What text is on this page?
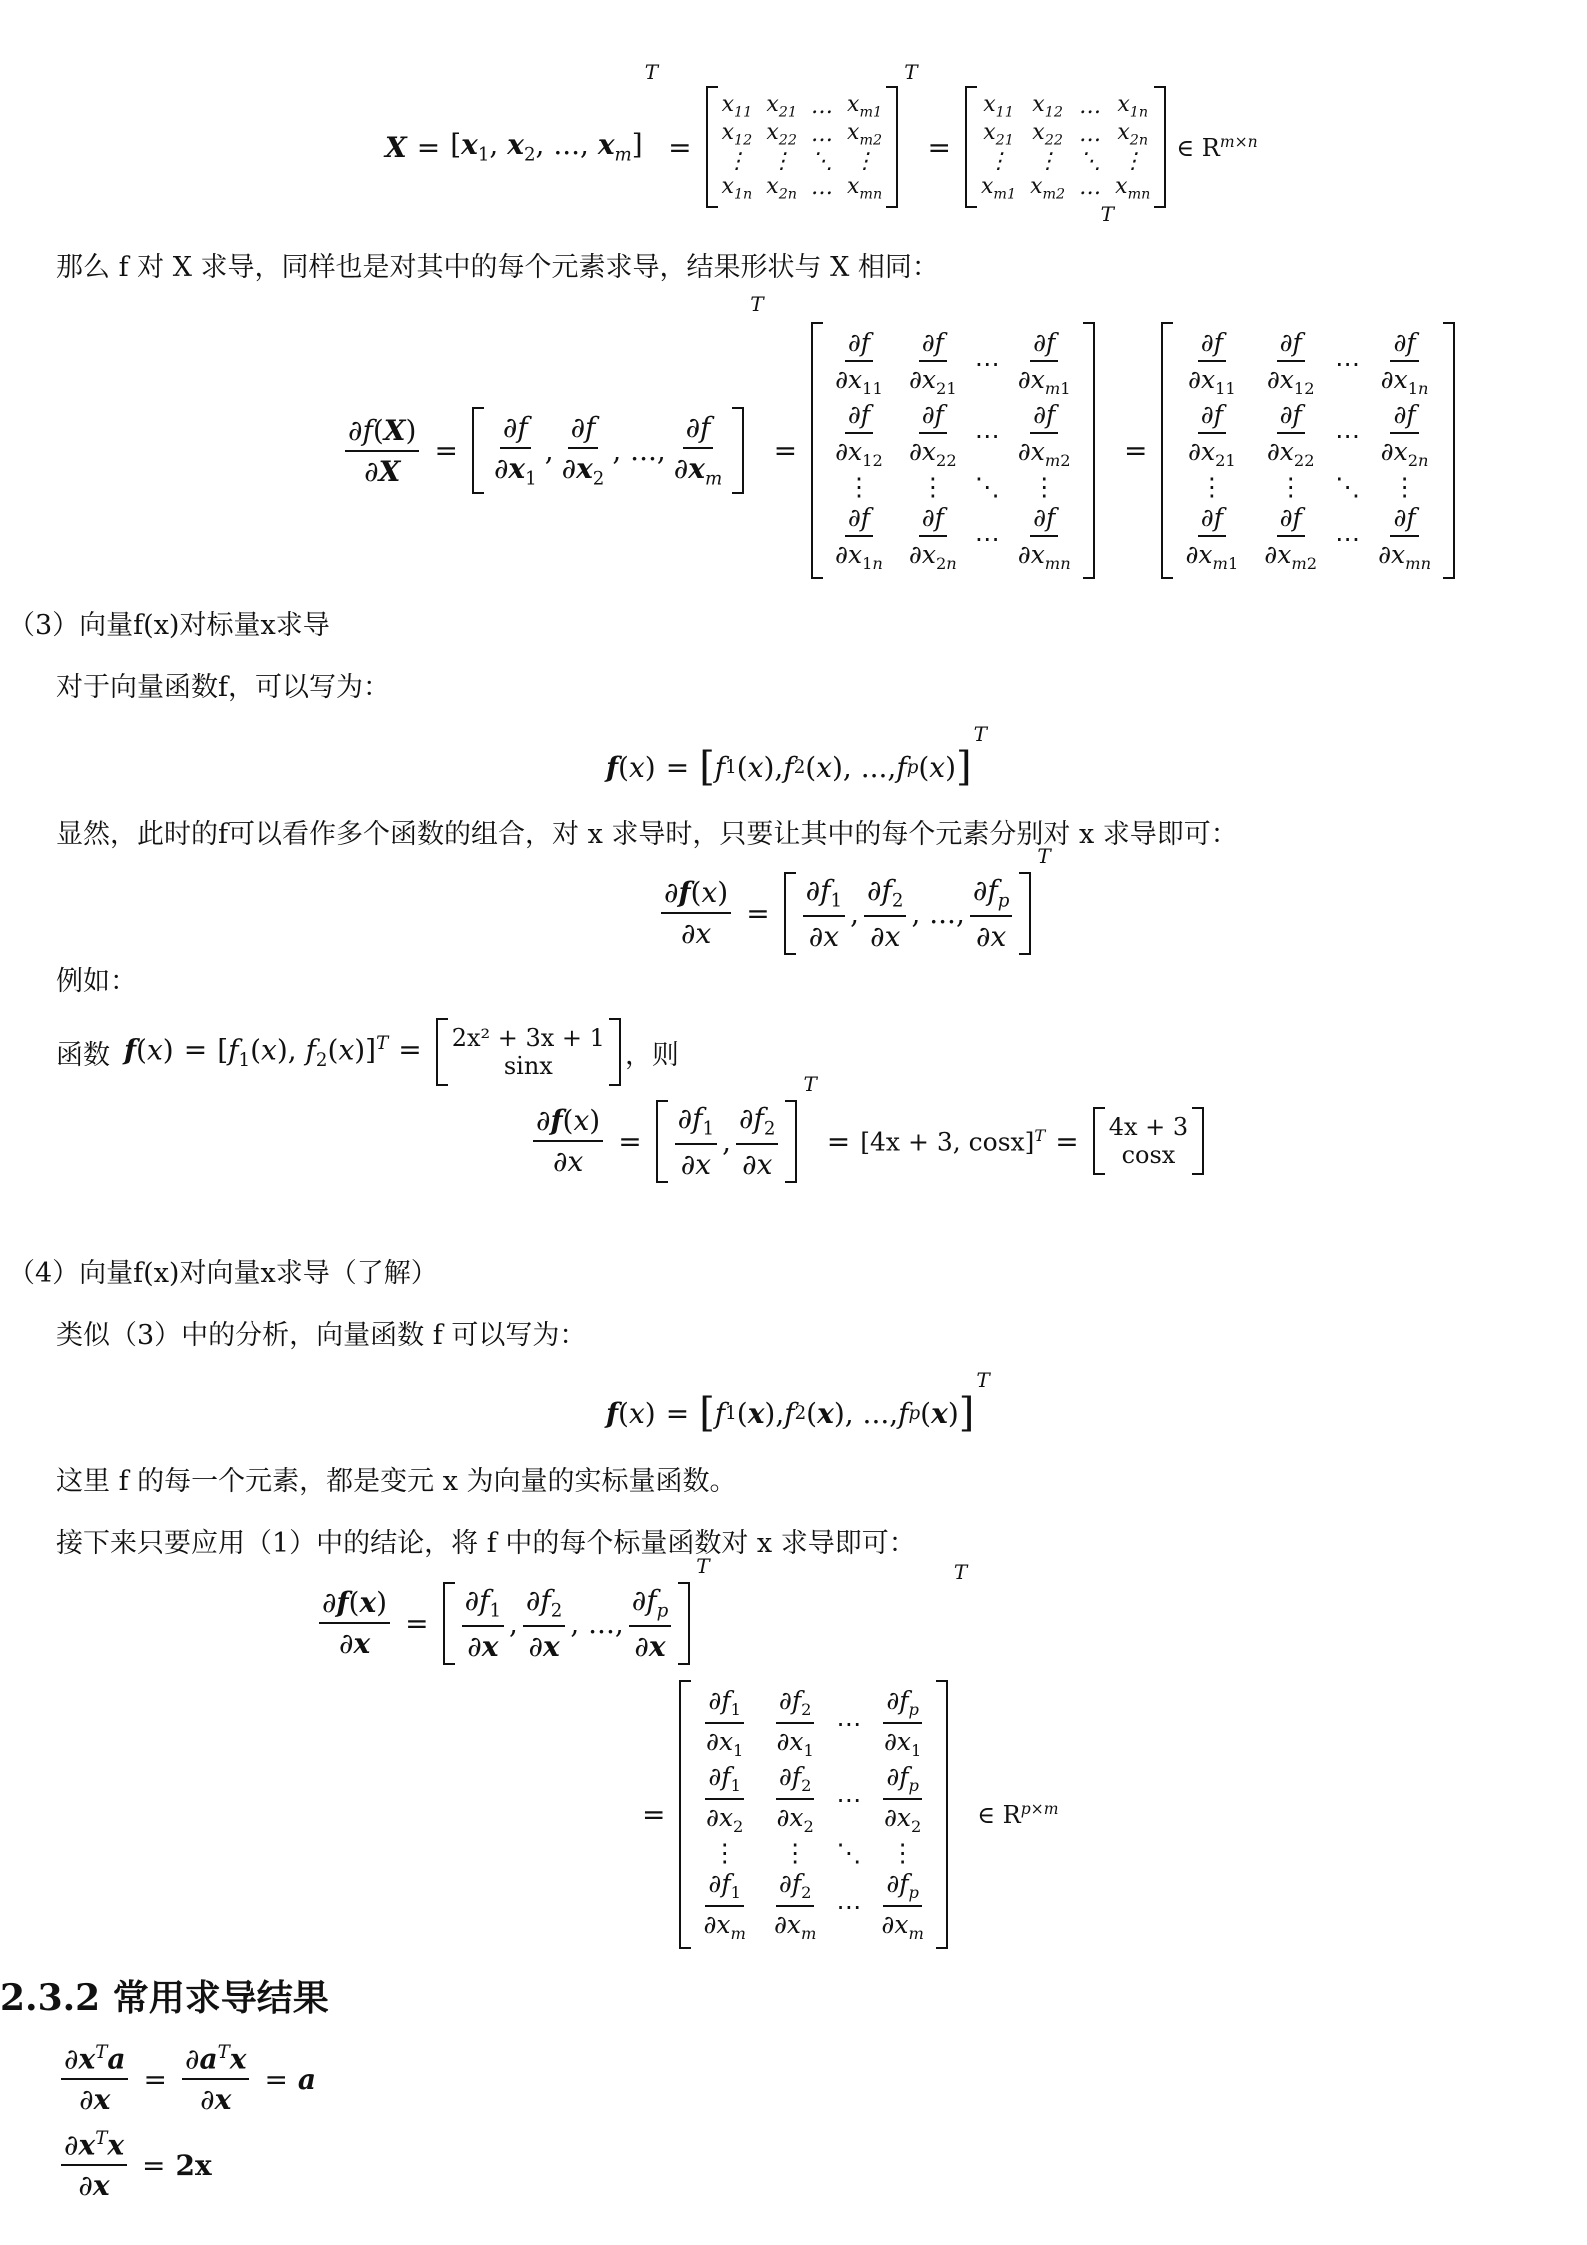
$X = [x_1$, $x_2$, ..., $x_m$]
T
=
$x_{11}$ $x_{21}$ … $x_{m1}$
$x_{12}$ $x_{22}$ … $x_{m2}$
⋮ ⋮ ⋱ ⋮
$x_{1n}$ $x_{2n}$ … $x_{mn}$
T
=
$x_{11}$ $x_{12}$ … $x_{1n}$
$x_{21}$ $x_{22}$ … $x_{2n}$
⋮ ⋮ ⋱ ⋮
$x_{m1}$ $x_{m2}$ … $x_{mn}$
∈ $R^{m\times n}$
那么 f 对 X 求导，同样也是对其中的每个元素求导，结果形状与 X 相同：
$\frac{\partial f(X)}{\partial X} = \frac{\partial f}{\partial x_1}$ , $\frac{\partial f}{\partial x_2}$ , ..., $\frac{\partial f}{\partial x_m}$
T
=
$\frac{\partial f}{\partial x_{11}} \frac{\partial f}{\partial x_{21}}$ ⋯ $\frac{\partial f}{\partial x_{m1}}$
$\frac{\partial f}{\partial x_{12}} \frac{\partial f}{\partial x_{22}}$ ⋯ $\frac{\partial f}{\partial x_{m2}}$
⋮ ⋮ ⋱ ⋮
$\frac{\partial f}{\partial x_{1n}} \frac{\partial f}{\partial x_{2n}}$ ⋯ $\frac{\partial f}{\partial x_{mn}}$
T
=
$\frac{\partial f}{\partial x_{11}} \frac{\partial f}{\partial x_{12}}$ ⋯ $\frac{\partial f}{\partial x_{1n}}$
$\frac{\partial f}{\partial x_{21}} \frac{\partial f}{\partial x_{22}}$ ⋯ $\frac{\partial f}{\partial x_{2n}}$
⋮ ⋮ ⋱ ⋮
$\frac{\partial f}{\partial x_{m1}} \frac{\partial f}{\partial x_{m2}}$ ⋯ $\frac{\partial f}{\partial x_{mn}}$
（3）向量f(x)对标量x求导
对于向量函数f，可以写为：
f ( x ) = [ f 1 ( x ), f 2 ( x ), ..., f p ( x ) ]
T
显然，此时的f可以看作多个函数的组合，对 x 求导时，只要让其中的每个元素分别对 x 求导即可：
$\frac{\partial f(x)}{\partial x} = \frac{\partial f_1}{\partial x}$ , $\frac{\partial f_2}{\partial x}$ , ..., $\frac{\partial f_p}{\partial x}$
T
例如：
函数 $f(x) = [f_1(x)$, $f_2(x)]^T$ =	2x² + 3x + 1
sinx	，则
$\frac{\partial f(x)}{\partial x} = \frac{\partial f_1}{\partial x}$ , $\frac{\partial f_2}{\partial x}$
T
= [4x + 3, cosx]$^T$ = 4x + 3
cosx
（4）向量f(x)对向量x求导（了解）
类似（3）中的分析，向量函数 f 可以写为：
f ( x ) = [ f 1 ( x ), f 2 ( x ), ..., f p ( x ) ]
T
这里 f 的每一个元素，都是变元 x 为向量的实标量函数。
接下来只要应用（1）中的结论，将 f 中的每个标量函数对 x 求导即可：
$\frac{\partial f(x)}{\partial x} = \frac{\partial f_1}{\partial x}$ , $\frac{\partial f_2}{\partial x}$ , ..., $\frac{\partial f_p}{\partial x}$
T
=
$\frac{\partial f_1}{\partial x_1} \frac{\partial f_2}{\partial x_1}$ ⋯ $\frac{\partial f_p}{\partial x_1}$
$\frac{\partial f_1}{\partial x_2} \frac{\partial f_2}{\partial x_2}$ ⋯ $\frac{\partial f_p}{\partial x_2}$
⋮ ⋮ ⋱ ⋮
$\frac{\partial f_1}{\partial x_m} \frac{\partial f_2}{\partial x_m}$ ⋯ $\frac{\partial f_p}{\partial x_m}$
T
∈ $R^{p\times m}$
2.3.2 常用求导结果
$\frac{\partial x^Ta}{\partial x} = \frac{\partial a^Tx}{\partial x} = a$
$\frac{\partial x^Tx}{\partial x} = 2x$
